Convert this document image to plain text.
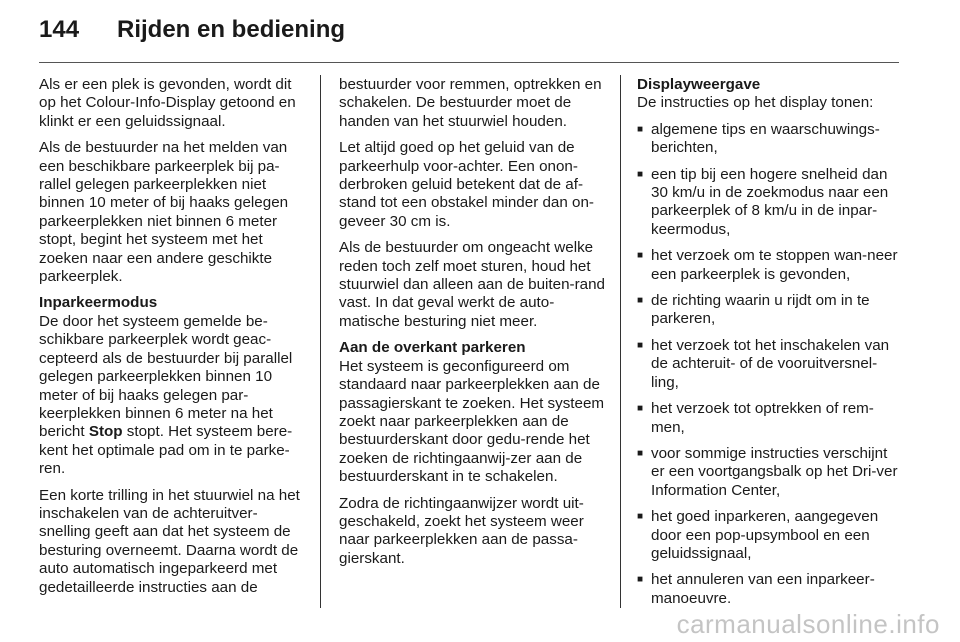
144	Rijden en bediening

Als er een plek is gevonden, wordt dit op het Colour-Info-Display getoond en klinkt er een geluidssignaal.

Als de bestuurder na het melden van een beschikbare parkeerplek bij pa-rallel gelegen parkeerplekken niet binnen 10 meter of bij haaks gelegen parkeerplekken niet binnen 6 meter stopt, begint het systeem met het zoeken naar een andere geschikte parkeerplek.

Inparkeermodus
De door het systeem gemelde be-schikbare parkeerplek wordt geac-cepteerd als de bestuurder bij parallel gelegen parkeerplekken binnen 10 meter of bij haaks gelegen par-keerplekken binnen 6 meter na het bericht Stop stopt. Het systeem bere-kent het optimale pad om in te parke-ren.

Een korte trilling in het stuurwiel na het inschakelen van de achteruitver-snelling geeft aan dat het systeem de besturing overneemt. Daarna wordt de auto automatisch ingeparkeerd met gedetailleerde instructies aan de

bestuurder voor remmen, optrekken en schakelen. De bestuurder moet de handen van het stuurwiel houden.

Let altijd goed op het geluid van de parkeerhulp voor-achter. Een onon-derbroken geluid betekent dat de af-stand tot een obstakel minder dan on-geveer 30 cm is.

Als de bestuurder om ongeacht welke reden toch zelf moet sturen, houd het stuurwiel dan alleen aan de buiten-rand vast. In dat geval werkt de auto-matische besturing niet meer.

Aan de overkant parkeren
Het systeem is geconfigureerd om standaard naar parkeerplekken aan de passagierskant te zoeken. Het systeem zoekt naar parkeerplekken aan de bestuurderskant door gedu-rende het zoeken de richtingaanwij-zer aan de bestuurderskant in te schakelen.

Zodra de richtingaanwijzer wordt uit-geschakeld, zoekt het systeem weer naar parkeerplekken aan de passa-gierskant.

Displayweergave

De instructies op het display tonen:

■ algemene tips en waarschuwings-berichten,
■ een tip bij een hogere snelheid dan 30 km/u in de zoekmodus naar een parkeerplek of 8 km/u in de inpar-keermodus,
■ het verzoek om te stoppen wan-neer een parkeerplek is gevonden,
■ de richting waarin u rijdt om in te parkeren,
■ het verzoek tot het inschakelen van de achteruit- of de vooruitversnel-ling,
■ het verzoek tot optrekken of rem-men,
■ voor sommige instructies verschijnt er een voortgangsbalk op het Dri-ver Information Center,
■ het goed inparkeren, aangegeven door een pop-upsymbool en een geluidssignaal,
■ het annuleren van een inparkeer-manoeuvre.
carmanualsonline.info
